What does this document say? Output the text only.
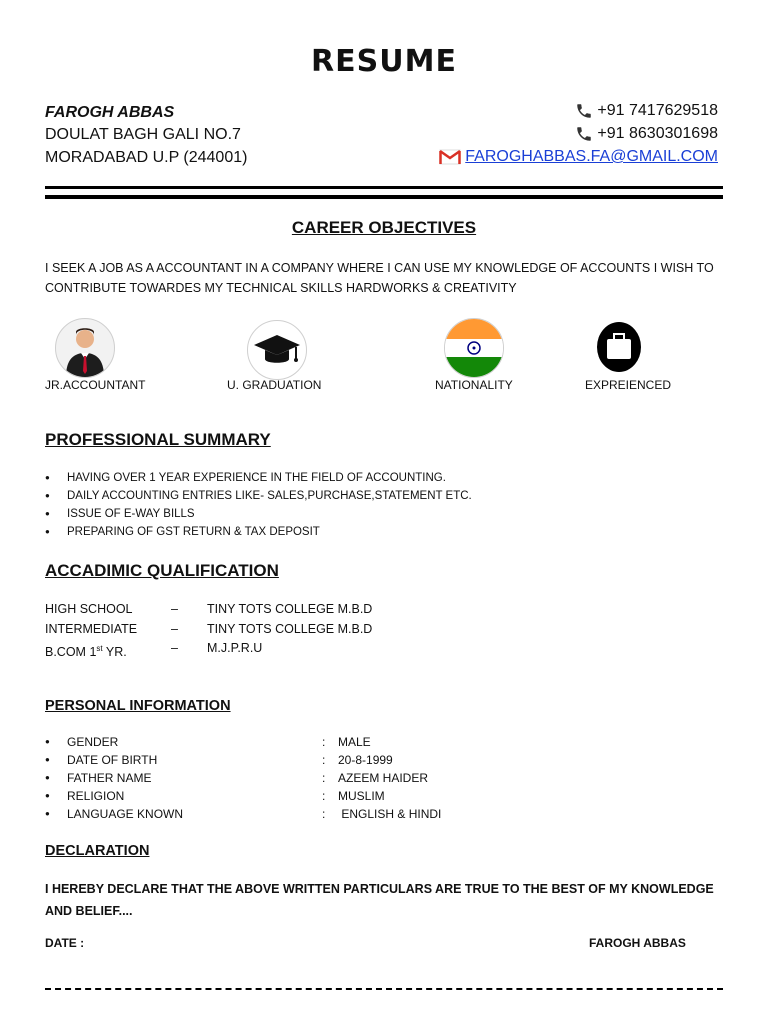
RESUME
FAROGH ABBAS
DOULAT BAGH GALI NO.7
MORADABAD U.P (244001)
+91 7417629518
+91 8630301698
FAROGHABBAS.FA@GMAIL.COM
CAREER OBJECTIVES
I SEEK A JOB AS A ACCOUNTANT IN A COMPANY WHERE I CAN USE MY KNOWLEDGE OF ACCOUNTS I WISH TO CONTRIBUTE TOWARDES MY TECHNICAL SKILLS HARDWORKS & CREATIVITY
JR.ACCOUNTANT	U. GRADUATION	NATIONALITY	EXPREIENCED
PROFESSIONAL SUMMARY
● HAVING OVER 1 YEAR EXPERIENCE IN THE FIELD OF ACCOUNTING.
● DAILY ACCOUNTING ENTRIES LIKE- SALES,PURCHASE,STATEMENT ETC.
● ISSUE OF E-WAY BILLS
● PREPARING OF GST RETURN & TAX DEPOSIT
ACCADIMIC QUALIFICATION
HIGH SCHOOL	–	TINY TOTS COLLEGE M.B.D
INTERMEDIATE	–	TINY TOTS COLLEGE M.B.D
B.COM 1st YR.	–	M.J.P.R.U
PERSONAL INFORMATION
●	GENDER	:	MALE
●	DATE OF BIRTH	:	20-8-1999
●	FATHER NAME	:	AZEEM HAIDER
●	RELIGION	:	MUSLIM
●	LANGUAGE KNOWN	:	ENGLISH & HINDI
DECLARATION
I HEREBY DECLARE THAT THE ABOVE WRITTEN PARTICULARS ARE TRUE TO THE BEST OF MY KNOWLEDGE AND BELIEF....
DATE :	FAROGH ABBAS
